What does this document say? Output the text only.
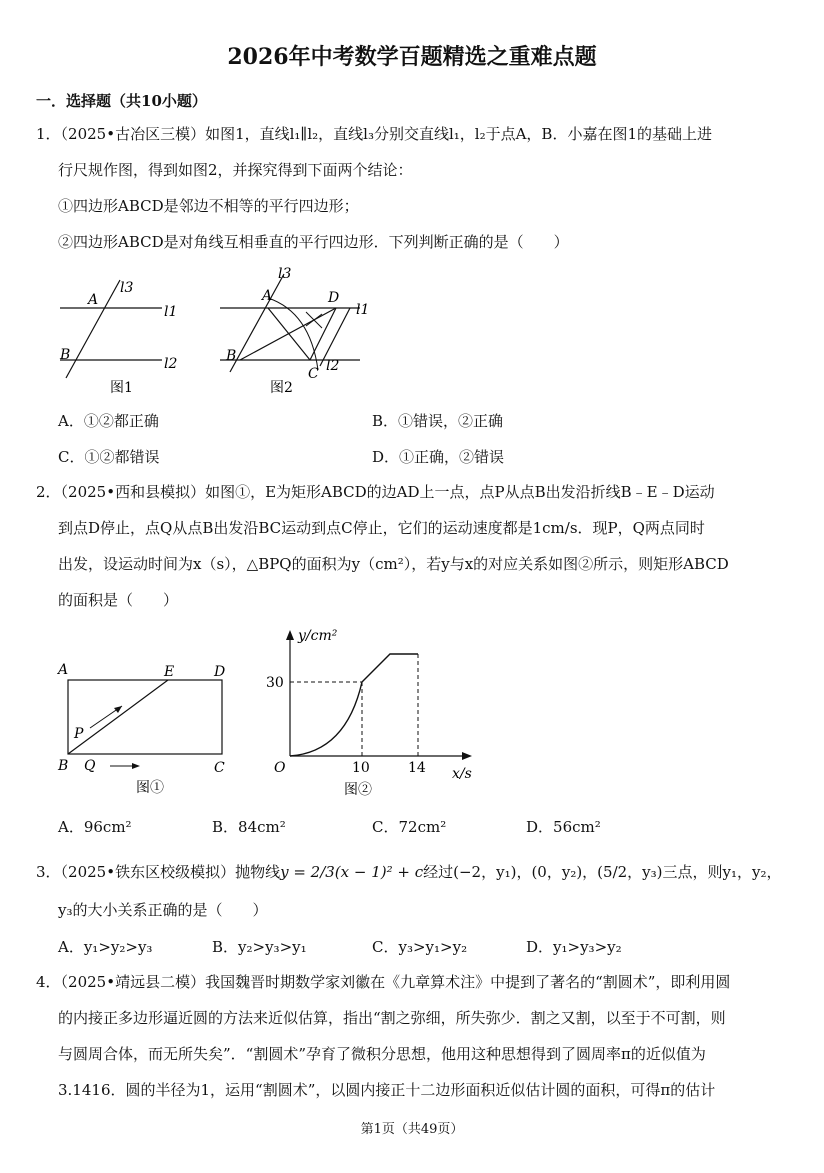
2026年中考数学百题精选之重难点题
一．选择题（共10小题）
1．（2025•古冶区三模）如图1，直线l₁∥l₂，直线l₃分别交直线l₁，l₂于点A，B．小嘉在图1的基础上进
行尺规作图，得到如图2，并探究得到下面两个结论：
①四边形ABCD是邻边不相等的平行四边形；
②四边形ABCD是对角线互相垂直的平行四边形．下列判断正确的是（　　）
A
l3
l1
B
l2
图1
A
l3
D
l1
B
l2
C
图2
A．①②都正确	B．①错误，②正确
C．①②都错误	D．①正确，②错误
2．（2025•西和县模拟）如图①，E为矩形ABCD的边AD上一点，点P从点B出发沿折线B﹣E﹣D运动
到点D停止，点Q从点B出发沿BC运动到点C停止，它们的运动速度都是1cm/s．现P，Q两点同时
出发，设运动时间为x（s），△BPQ的面积为y（cm²），若y与x的对应关系如图②所示，则矩形ABCD
的面积是（　　）
A	E	D
P
B Q	C
图①
y/cm²
30
O	10	14 x/s
图②
A．96cm²	B．84cm²	C．72cm²	D．56cm²
3．（2025•铁东区校级模拟）抛物线y = 2/3(x − 1)² + c经过(−2，y₁)，(0，y₂)，(5/2，y₃)三点，则y₁，y₂，
y₃的大小关系正确的是（　　）
A．y₁>y₂>y₃	B．y₂>y₃>y₁	C．y₃>y₁>y₂	D．y₁>y₃>y₂
4．（2025•靖远县二模）我国魏晋时期数学家刘徽在《九章算术注》中提到了著名的“割圆术”，即利用圆
的内接正多边形逼近圆的方法来近似估算，指出“割之弥细，所失弥少．割之又割，以至于不可割，则
与圆周合体，而无所失矣”．“割圆术”孕育了微积分思想，他用这种思想得到了圆周率π的近似值为
3.1416．圆的半径为1，运用“割圆术”，以圆内接正十二边形面积近似估计圆的面积，可得π的估计
第1页（共49页）
